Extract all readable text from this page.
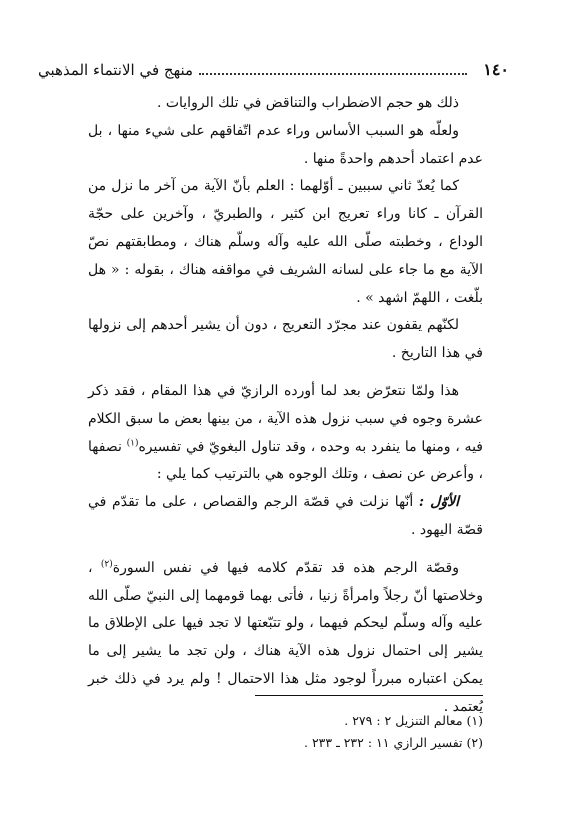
١٤٠
منهج في الانتماء المذهبي

ذلك هو حجم الاضطراب والتناقض في تلك الروايات .

ولعلّه هو السبب الأساس وراء عدم اتّفاقهم على شيء منها ، بل عدم اعتماد أحدهم واحدةً منها .

كما يُعدّ ثاني سببين ـ أوّلهما : العلم بأنّ الآية من آخر ما نزل من القرآن ـ كانا وراء تعريج ابن كثير ، والطبريّ ، وآخرين على حجّة الوداع ، وخطبته صلّى الله عليه وآله وسلّم هناك ، ومطابقتهم نصّ الآية مع ما جاء على لسانه الشريف في مواقفه هناك ، بقوله : « هل بلّغت ، اللهمّ اشهد » .

لكنّهم يقفون عند مجرّد التعريج ، دون أن يشير أحدهم إلى نزولها في هذا التاريخ .

هذا ولمّا نتعرّض بعد لما أورده الرازيّ في هذا المقام ، فقد ذكر عشرة وجوه في سبب نزول هذه الآية ، من بينها بعض ما سبق الكلام فيه ، ومنها ما ينفرد به وحده ، وقد تناول البغويّ في تفسيره$^{(١)}$ نصفها ، وأعرض عن نصف ، وتلك الوجوه هي بالترتيب كما يلي :

الأوّل : أنّها نزلت في قصّة الرجم والقصاص ، على ما تقدّم في قصّة اليهود .

وقصّة الرجم هذه قد تقدّم كلامه فيها في نفس السورة$^{(٢)}$ ، وخلاصتها أنّ رجلاً وامرأةً زنيا ، فأتى بهما قومهما إلى النبيّ صلّى الله عليه وآله وسلّم ليحكم فيهما ، ولو تتبّعتها لا تجد فيها على الإطلاق ما يشير إلى احتمال نزول هذه الآية هناك ، ولن تجد ما يشير إلى ما يمكن اعتباره مبرراً لوجود مثل هذا الاحتمال ! ولم يرد في ذلك خبر يُعتمد .

(١) معالم التنزيل ٢ : ٢٧٩ .

(٢) تفسير الرازي ١١ : ٢٣٢ ـ ٢٣٣ .
